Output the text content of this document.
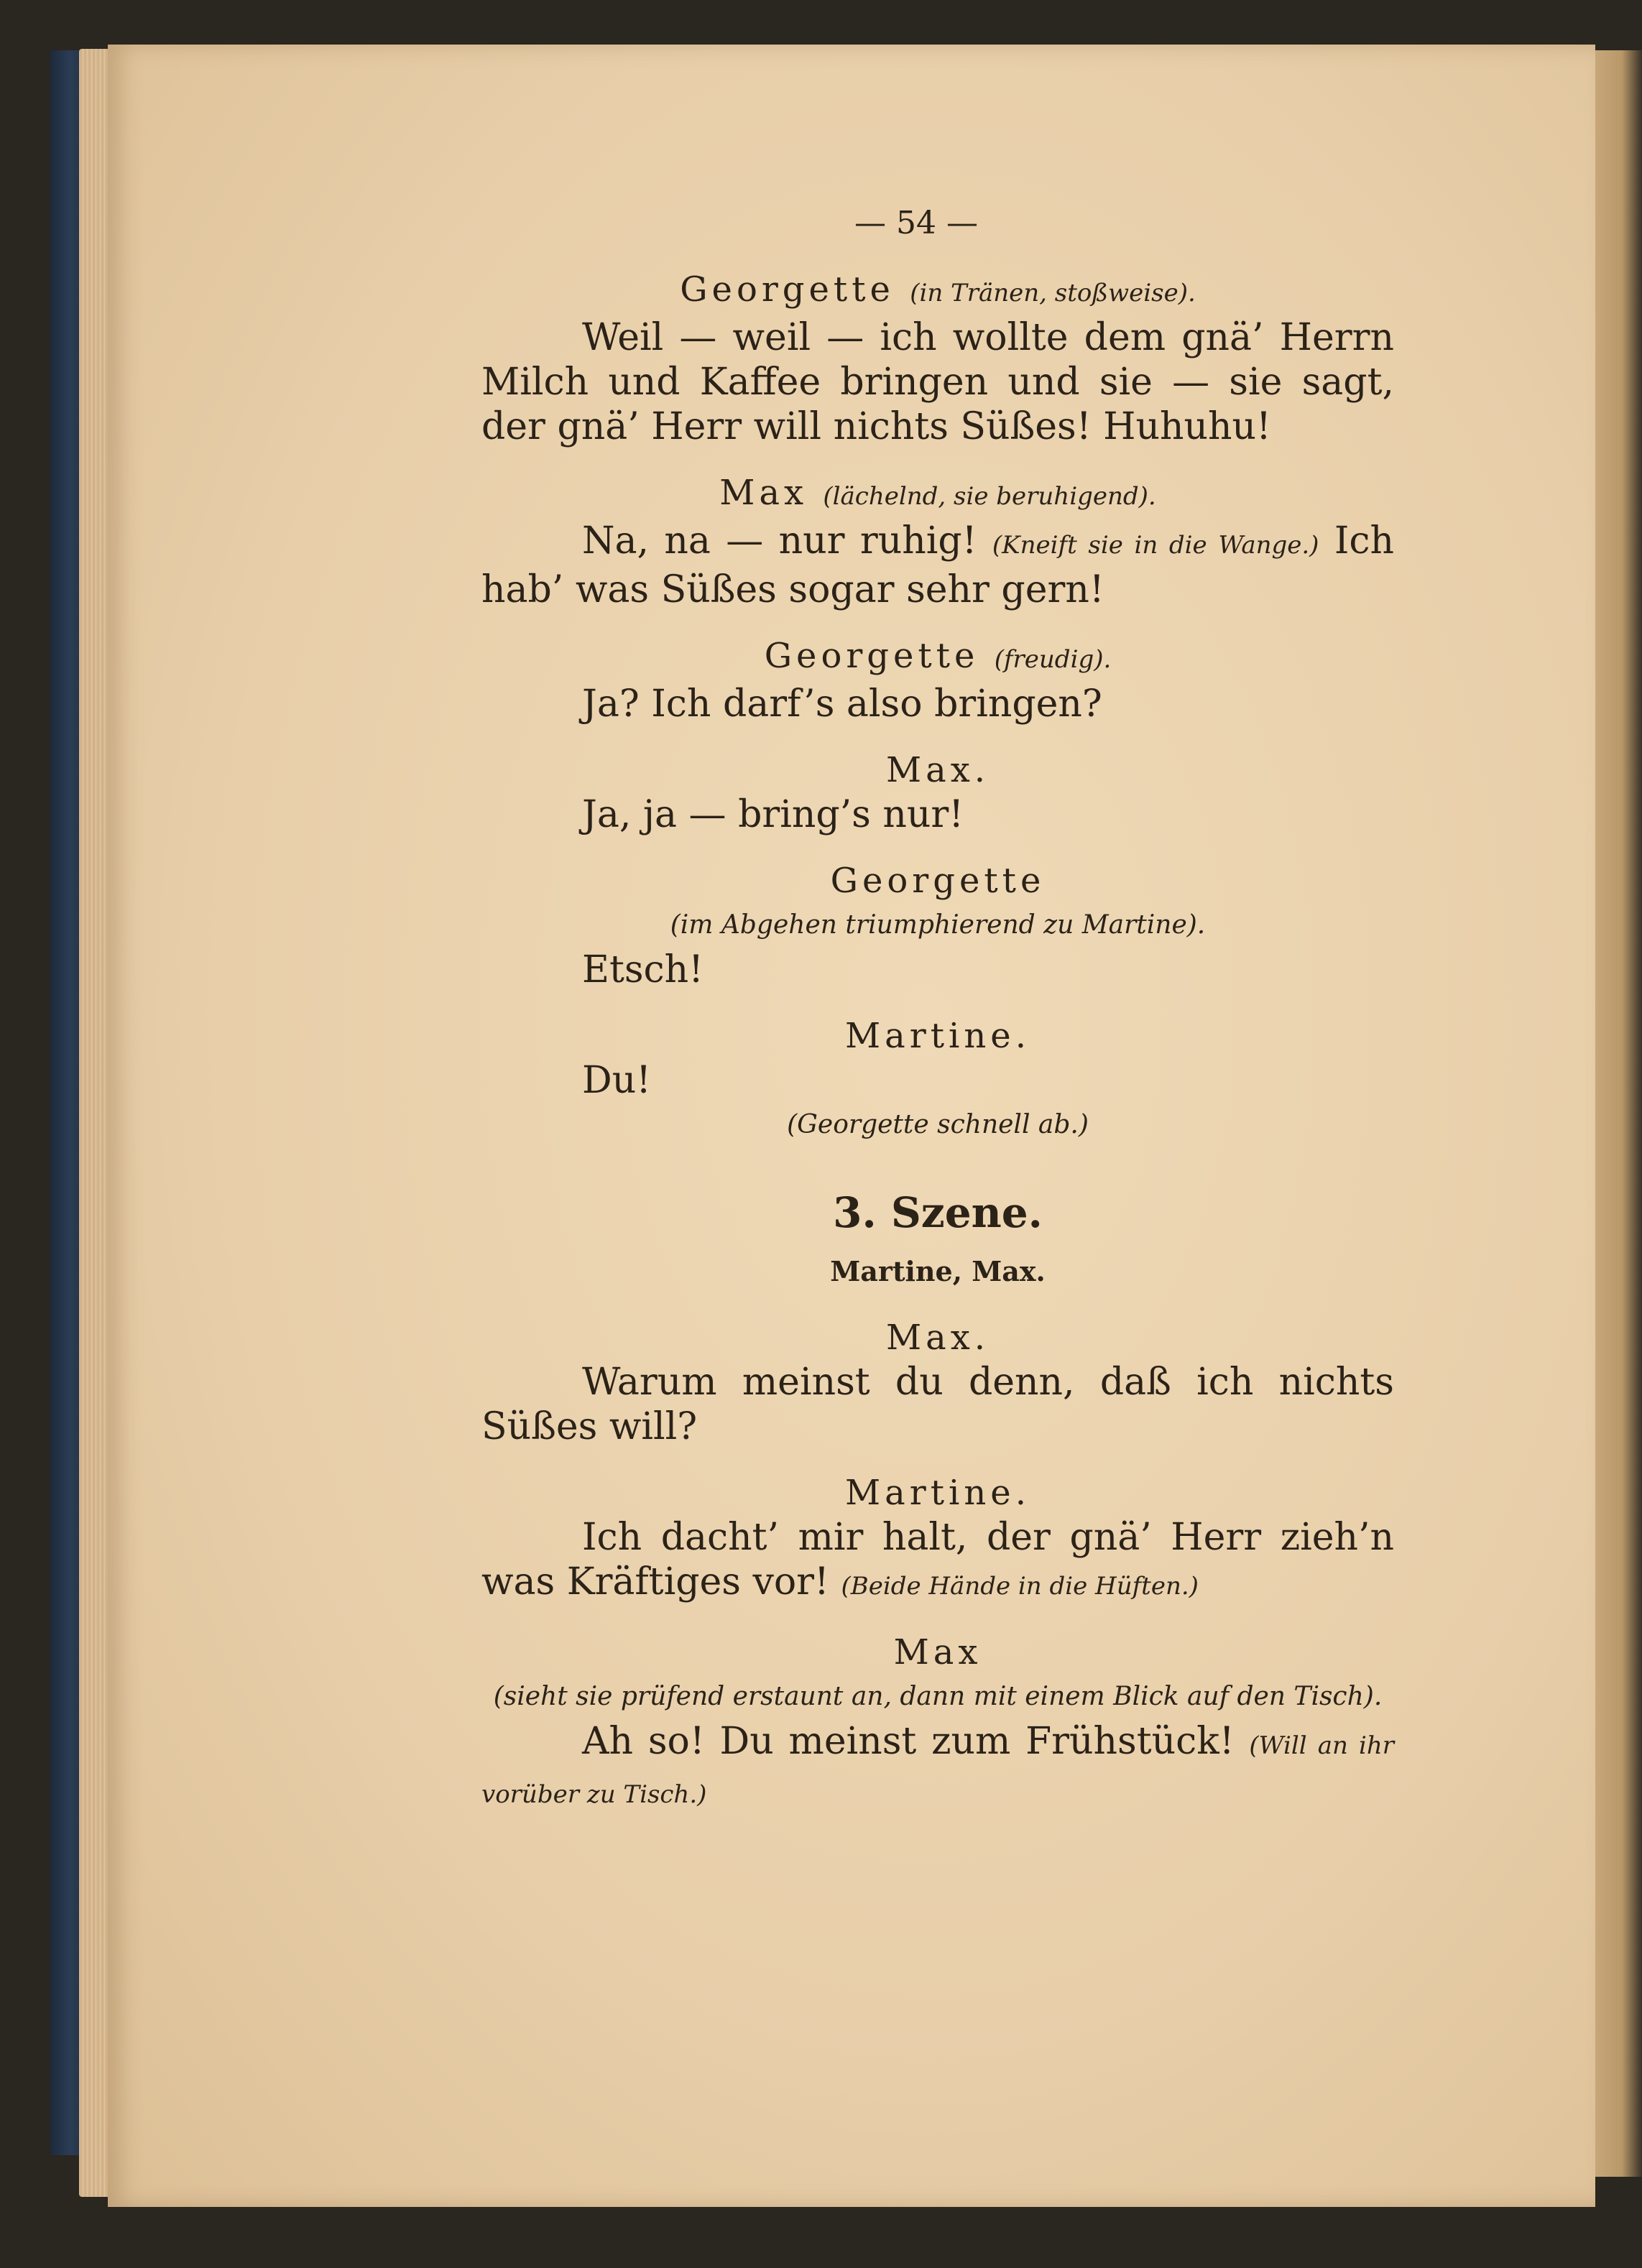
— 54 —
Georgette (in Tränen, stoßweise).
Weil — weil — ich wollte dem gnä’ Herrn Milch und Kaffee bringen und sie — sie sagt, der gnä’ Herr will nichts Süßes! Huhuhu!
Max (lächelnd, sie beruhigend).
Na, na — nur ruhig! (Kneift sie in die Wange.) Ich hab’ was Süßes sogar sehr gern!
Georgette (freudig).
Ja? Ich darf’s also bringen?
Max.
Ja, ja — bring’s nur!
Georgette
(im Abgehen triumphierend zu Martine).
Etsch!
Martine.
Du!
(Georgette schnell ab.)
3. Szene.
Martine, Max.
Max.
Warum meinst du denn, daß ich nichts Süßes will?
Martine.
Ich dacht’ mir halt, der gnä’ Herr zieh’n was Kräftiges vor! (Beide Hände in die Hüften.)
Max
(sieht sie prüfend erstaunt an, dann mit einem Blick auf den Tisch).
Ah so! Du meinst zum Frühstück! (Will an ihr vorüber zu Tisch.)
